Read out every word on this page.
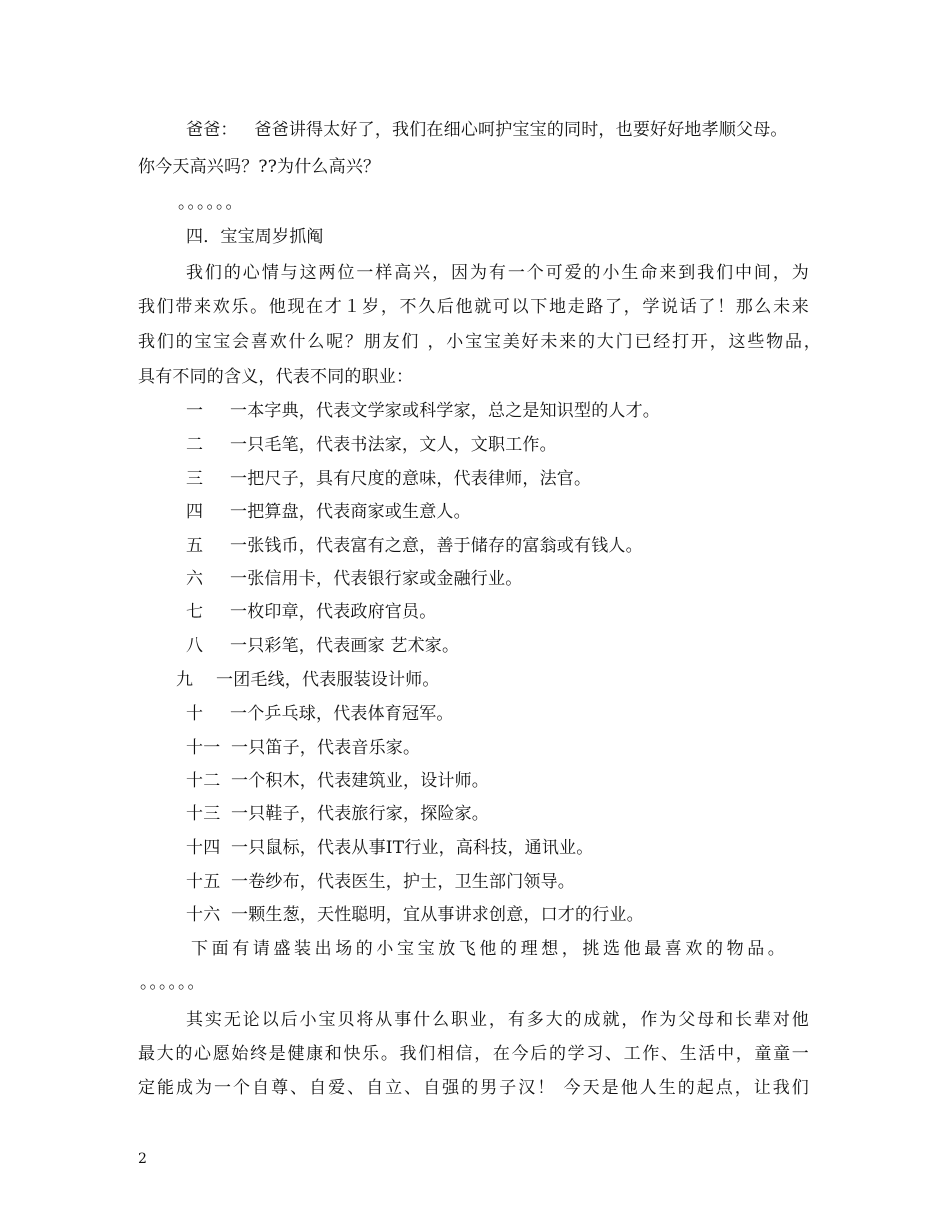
爸爸： 爸爸讲得太好了，我们在细心呵护宝宝的同时，也要好好地孝顺父母。
你今天高兴吗？??为什么高兴？
。。。。。。
四．宝宝周岁抓阄
我们的心情与这两位一样高兴，因为有一个可爱的小生命来到我们中间，为
我们带来欢乐。他现在才１岁，不久后他就可以下地走路了，学说话了！那么未来
我们的宝宝会喜欢什么呢？朋友们 ，小宝宝美好未来的大门已经打开，这些物品，
具有不同的含义，代表不同的职业：
一 一本字典，代表文学家或科学家，总之是知识型的人才。
二 一只毛笔，代表书法家，文人，文职工作。
三 一把尺子，具有尺度的意味，代表律师，法官。
四 一把算盘，代表商家或生意人。
五 一张钱币，代表富有之意，善于储存的富翁或有钱人。
六 一张信用卡，代表银行家或金融行业。
七 一枚印章，代表政府官员。
八 一只彩笔，代表画家 艺术家。
九 一团毛线，代表服装设计师。
十 一个乒乓球，代表体育冠军。
十一 一只笛子，代表音乐家。
十二 一个积木，代表建筑业，设计师。
十三 一只鞋子，代表旅行家，探险家。
十四 一只鼠标，代表从事IT行业，高科技，通讯业。
十五 一卷纱布，代表医生，护士，卫生部门领导。
十六 一颗生葱，天性聪明，宜从事讲求创意，口才的行业。
下面有请盛装出场的小宝宝放飞他的理想，挑选他最喜欢的物品。
。。。。。。
其实无论以后小宝贝将从事什么职业，有多大的成就，作为父母和长辈对他
最大的心愿始终是健康和快乐。我们相信，在今后的学习、工作、生活中，童童一
定能成为一个自尊、自爱、自立、自强的男子汉！ 今天是他人生的起点，让我们
2
